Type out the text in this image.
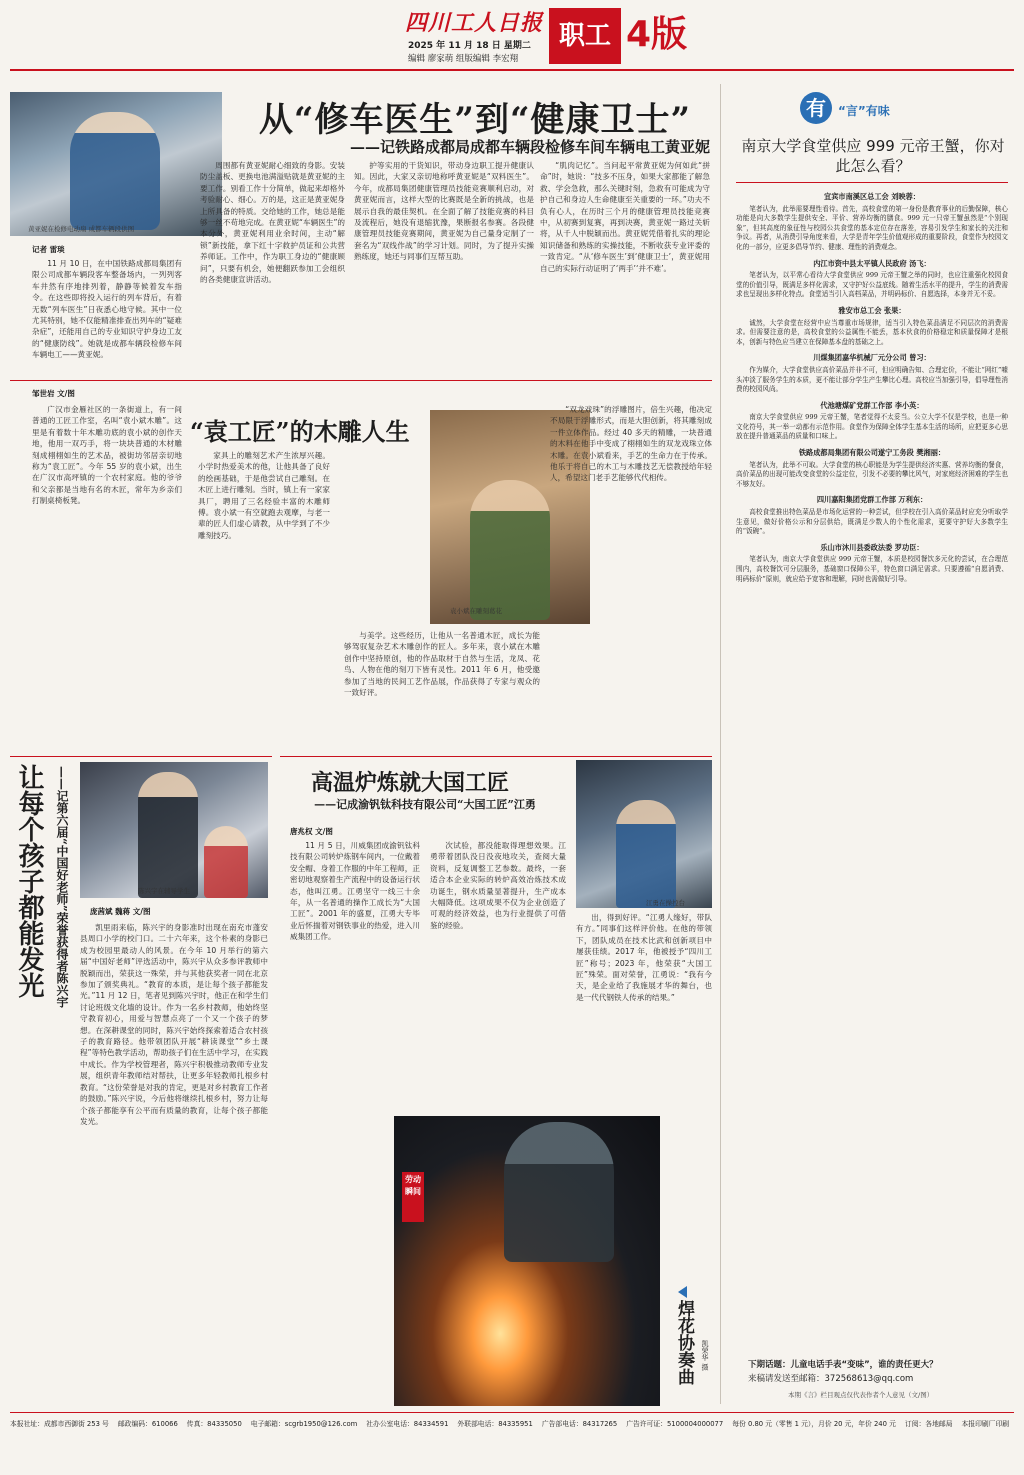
四川工人日报
2025 年 11 月 18 日 星期二
编辑 廖家萌 组版编辑 李宏翔
职工 4版
黄亚妮在检修电动扇 成都车辆段供图
从“修车医生”到“健康卫士”
——记铁路成都局成都车辆段检修车间车辆电工黄亚妮
记者 雷琰

11 月 10 日，在中国铁路成都局集团有限公司成都车辆段客车整备场内，一列列客车井然有序地排列着，静静等候着发车指令。在这些即将投入运行的列车背后，有着无数“列车医生”日夜悉心地守候。其中一位尤其特别，她不仅能精准排查出列车的“疑难杂症”，还能用自己的专业知识守护身边工友的“健康防线”。她就是成都车辆段检修车间车辆电工——黄亚妮。

周围都有黄亚妮耐心细致的身影。安装防尘盖板、更换电池满溢贴就是黄亚妮的主要工作。别看工作十分简单，做起来却格外考验耐心、细心。万的是，这正是黄亚妮身上所具备的特质。交给她的工作，她总是能够一丝不苟地完成。在黄亚妮“车辆医生”的本分外，黄亚妮利用业余时间，主动“解锁”新技能，拿下红十字救护员证和公共营养师证。工作中，作为职工身边的“健康顾问”，只要有机会，她便翻跃参加工会组织的各类健康宣讲活动。

护等实用的干货知识，带动身边职工提升健康认知。因此，大家又亲切地称呼黄亚妮是“双料医生”。今年，成都局集团健康管理员技能竞赛顺利启动，对黄亚妮而言，这样大型的比赛既是全新的挑战，也是展示自我的最佳契机。在全面了解了技能竞赛的科目及流程后，她没有退缩犹豫，果断报名参赛。各段健康管理员技能竞赛期间，黄亚妮为自己量身定制了一套名为“双线作战”的学习计划。同时，为了提升实操熟练度，她还与同事们互帮互助。

“肌肉记忆”。当问起平常黄亚妮为何如此“拼命”时，她说：“技多不压身，如果大家都能了解急救、学会急救，那么关键时刻，急救有可能成为守护自己和身边人生命健康至关重要的一环。”功夫不负有心人，在历时三个月的健康管理员技能竞赛中，从初赛到复赛，再到决赛，黄亚妮一路过关斩将，从千人中脱颖而出。黄亚妮凭借着扎实的理论知识储备和熟练的实操技能，不断收获专业评委的一致肯定。“从‘修车医生’到‘健康卫士’，黄亚妮用自己的实际行动证明了‘两手’‘并不难’。

有	“言”有味
南京大学食堂供应 999 元帝王蟹，你对此怎么看？

宜宾市南溪区总工会 刘映蓉：

笔者认为，此举需要理性看待。首先，高校食堂的第一身份是教育事业的后勤保障，核心功能是向大多数学生提供安全、平价、营养均衡的膳食。999 元一只帝王蟹虽然是“个别现象”，但其高度的象征性与校园公共食堂的基本定位存在落差，容易引发学生和家长的关注和争议。再者，从消费引导角度来看，大学是青年学生价值观形成的重要阶段，食堂作为校园文化的一部分，应更多倡导节约、健康、理性的消费观念。

内江市资中县太平镇人民政府 汤飞：

笔者认为，以平常心看待大学食堂供应 999 元帝王蟹之举的同时，也应注重强化校园食堂的价值引导，既满足多样化需求，又守护好公益底线。随着生活水平的提升，学生的消费需求也呈现出多样化特点。食堂适当引入高档菜品，并明码标价、自愿选择，本身并无不妥。

雅安市总工会 张果：

诚然，大学食堂在经营中应当尊重市场规律，适当引入特色菜品满足不同层次的消费需求。但需要注意的是，高校食堂的公益属性不能丢，基本伙食的价格稳定和质量保障才是根本，创新与特色应当建立在保障基本盘的基础之上。

川煤集团嘉华机械厂元分公司 曾习：

作为媒介，大学食堂供应高价菜品并非不可，但应明确告知、合理定价，不能让“网红”噱头冲淡了服务学生的本质，更不能让部分学生产生攀比心理。高校应当加强引导，倡导理性消费的校园风尚。

代池塘煤矿党群工作部 李小英：

南京大学食堂供应 999 元帝王蟹，笔者觉得不太妥当。公立大学不仅是学校，也是一种文化符号，其一举一动都有示范作用。食堂作为保障全体学生基本生活的场所，应把更多心思放在提升普通菜品的质量和口味上。

铁路成都局集团有限公司遂宁工务段 樊湘丽：

笔者认为，此举不可取。大学食堂的核心职能是为学生提供经济实惠、营养均衡的餐食，高价菜品的出现可能改变食堂的公益定位，引发不必要的攀比风气，对家庭经济困难的学生也不够友好。

四川嘉阳集团党群工作部 万利东：

高校食堂推出特色菜品是市场化运营的一种尝试，但学校在引入高价菜品时应充分听取学生意见，做好价格公示和分层供给，既满足少数人的个性化需求，更要守护好大多数学生的“饭碗”。

乐山市沐川县委政法委 罗功臣：

笔者认为，南京大学食堂供应 999 元帝王蟹，本质是校园餐饮多元化的尝试，在合理范围内，高校餐饮可分层服务，基础窗口保障公平，特色窗口满足需求。只要遵循“自愿消费、明码标价”原则，就应给予宽容和理解，同时也需做好引导。

下期话题：儿童电话手表“变味”，谁的责任更大？
来稿请发送至邮箱：372568613@qq.com
本期《言》栏目观点仅代表作者个人意见（文/图）
邹世岩 文/图
“袁工匠”的木雕人生
袁小斌在雕刻葛花

广汉市金雁社区的一条街道上，有一间普通的工匠工作室，名叫“袁小斌木雕”。这里是有着数十年木雕功底的袁小斌的创作天地，他用一双巧手，将一块块普通的木材雕刻成栩栩如生的艺术品，被街坊邻居亲切地称为“袁工匠”。今年 55 岁的袁小斌，出生在广汉市高坪镇的一个农村家庭。他的爷爷和父亲都是当地有名的木匠，常年为乡亲们打制桌椅板凳。

家具上的雕刻艺术产生浓厚兴趣。小学时热爱美术的他，让他具备了良好的绘画基础，于是他尝试自己雕刻。在木匠上进行雕刻。当时，镇上有一家家具厂，聘用了三名经验丰富的木雕师傅。袁小斌一有空就跑去观摩，与老一辈的匠人们虚心请教，从中学到了不少雕刻技巧。

与美学。这些经历，让他从一名普通木匠，成长为能够驾驭复杂艺术木雕创作的匠人。多年来，袁小斌在木雕创作中坚持原创，他的作品取材于自然与生活，龙凤、花鸟、人物在他的刻刀下皆有灵性。2011 年 6 月，他受邀参加了当地的民间工艺作品展，作品获得了专家与观众的一致好评。

“双龙戏珠”的浮雕图片，倍生兴趣，他决定不局限于浮雕形式，而是大胆创新，将其雕刻成一件立体作品。经过 40 多天的精雕，一块普通的木料在他手中变成了栩栩如生的双龙戏珠立体木雕。在袁小斌看来，手艺的生命力在于传承。他乐于将自己的木工与木雕技艺无偿教授给年轻人，希望这门老手艺能够代代相传。

让每个孩子都能发光 ——记第六届“中国好老师”荣誉获得者陈兴宇	陈兴宇在辅导学生
庞茜斌 魏蒋 文/图

凯里雨来临，陈兴宇的身影准时出现在南充市蓬安县周口小学的校门口。二十六年来，这个朴素的身影已成为校园里最动人的风景。在今年 10 月举行的第六届“中国好老师”评选活动中，陈兴宇从众多参评教师中脱颖而出，荣获这一殊荣，并与其他获奖者一同在北京参加了颁奖典礼。“教育的本质，是让每个孩子都能发光。”11 月 12 日，笔者见到陈兴宇时，他正在和学生们讨论班级文化墙的设计。作为一名乡村教师，他始终坚守教育初心，用爱与智慧点亮了一个又一个孩子的梦想。在深耕课堂的同时，陈兴宇始终探索着适合农村孩子的教育路径。他带领团队开展“耕读课堂”“乡土课程”等特色教学活动，帮助孩子们在生活中学习，在实践中成长。作为学校管理者，陈兴宇积极推动教师专业发展，组织青年教师结对帮扶，让更多年轻教师扎根乡村教育。“这份荣誉是对我的肯定，更是对乡村教育工作者的鼓励。”陈兴宇说，今后他将继续扎根乡村，努力让每个孩子都能享有公平而有质量的教育，让每个孩子都能发光。

高温炉炼就大国工匠
——记成渝钒钛科技有限公司“大国工匠”江勇
江勇在操控台
唐兆权 文/图

11 月 5 日，川威集团成渝钒钛科技有限公司转炉炼钢车间内，一位戴着安全帽、身着工作服的中年工程师，正密切地观察着生产流程中的设备运行状态，他叫江勇。江勇坚守一线三十余年，从一名普通的操作工成长为“大国工匠”。2001 年的盛夏，江勇大专毕业后怀揣着对钢铁事业的热爱，进入川威集团工作。

次试验，都没能取得理想效果。江勇带着团队没日没夜地攻关，查阅大量资料，反复调整工艺参数。最终，一套适合本企业实际的转炉高效冶炼技术成功诞生，钢水质量显著提升，生产成本大幅降低。这项成果不仅为企业创造了可观的经济效益，也为行业提供了可借鉴的经验。

出，得到好评。“江勇人缘好，带队有方。”同事们这样评价他。在他的带领下，团队成员在技术比武和创新项目中屡获佳绩。2017 年，他被授予“四川工匠”称号；2023 年，他荣获“大国工匠”殊荣。面对荣誉，江勇说：“我有今天，是企业给了我施展才华的舞台，也是一代代钢铁人传承的结果。”

劳动
瞬间
焊花协奏曲	凯荣华 摄
本报社址：成都市西御街 253 号 邮政编码：610066 传真：84335050 电子邮箱：scgrb1950@126.com 社办公室电话：84334591 外联部电话：84335951 广告部电话：84317265 广告许可证：5100004000077 每份 0.80 元（零售 1 元），月价 20 元，年价 240 元 订阅：各地邮局 本报印刷厂印刷
